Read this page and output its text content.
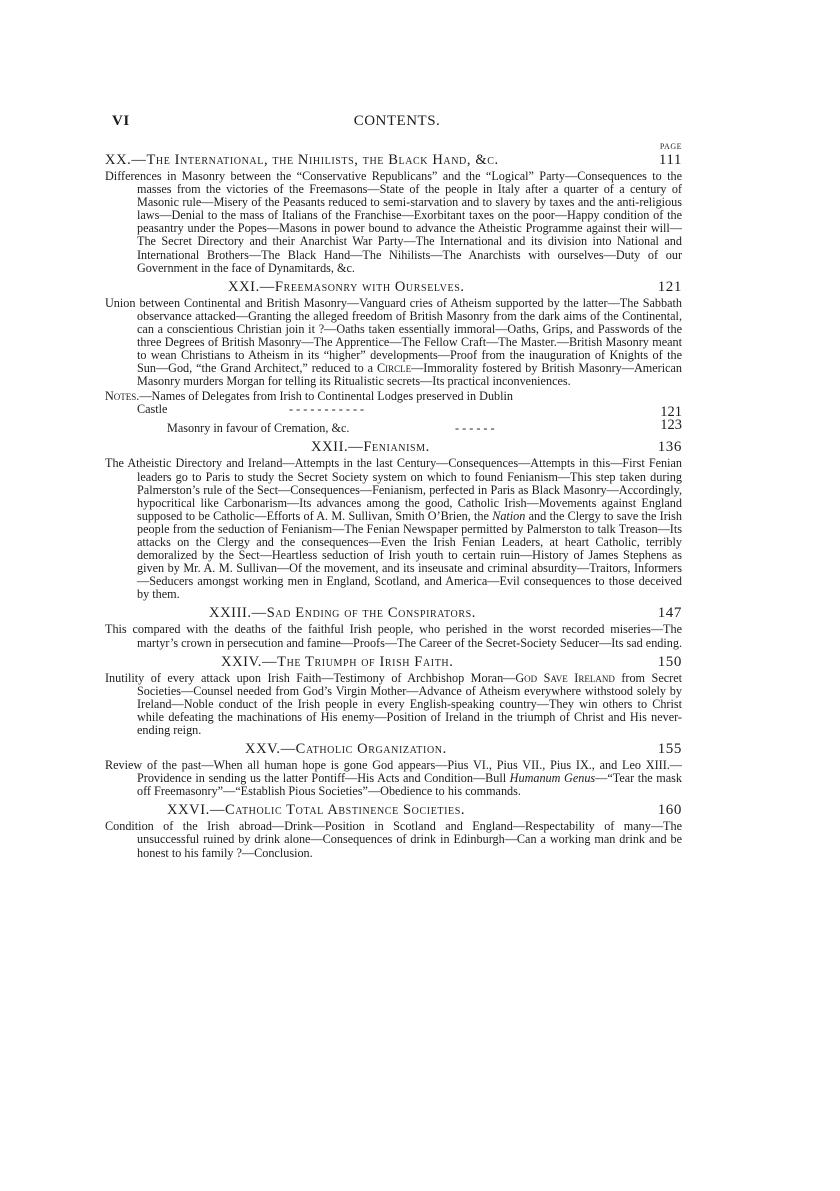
VI	CONTENTS.
PAGE
XX.—The International, the Nihilists, the Black Hand, &c.	111

Differences in Masonry between the “Conservative Republicans” and the “Logical” Party—Consequences to the masses from the victories of the Freemasons—State of the people in Italy after a quarter of a century of Masonic rule—Misery of the Peasants reduced to semi-starvation and to slavery by taxes and the anti-religious laws—Denial to the mass of Italians of the Franchise—Exorbitant taxes on the poor—Happy condition of the peasantry under the Popes—Masons in power bound to advance the Atheistic Programme against their will—The Secret Directory and their Anarchist War Party—The International and its division into National and International Brothers—The Black Hand—The Nihilists—The Anarchists with ourselves—Duty of our Government in the face of Dynamitards, &c.

XXI.—Freemasonry with Ourselves.	121

Union between Continental and British Masonry—Vanguard cries of Atheism supported by the latter—The Sabbath observance attacked—Granting the alleged freedom of British Masonry from the dark aims of the Continental, can a conscientious Christian join it ?—Oaths taken essentially immoral—Oaths, Grips, and Passwords of the three Degrees of British Masonry—The Apprentice—The Fellow Craft—The Master.—British Masonry meant to wean Christians to Atheism in its “higher” developments—Proof from the inauguration of Knights of the Sun—God, “the Grand Architect,” reduced to a Circle—Immorality fostered by British Masonry—American Masonry murders Morgan for telling its Ritualistic secrets—Its practical inconveniences.

Notes.—Names of Delegates from Irish to Continental Lodges preserved in Dublin
Castle	- - - - - - - - - - -	121
Masonry in favour of Cremation, &c.	- - - - - -	123
XXII.—Fenianism.	136

The Atheistic Directory and Ireland—Attempts in the last Century—Consequences—Attempts in this—First Fenian leaders go to Paris to study the Secret Society system on which to found Fenianism—This step taken during Palmerston’s rule of the Sect—Consequences—Fenianism, perfected in Paris as Black Masonry—Accordingly, hypocritical like Carbonarism—Its advances among the good, Catholic Irish—Movements against England supposed to be Catholic—Efforts of A. M. Sullivan, Smith O’Brien, the Nation and the Clergy to save the Irish people from the seduction of Fenianism—The Fenian Newspaper permitted by Palmerston to talk Treason—Its attacks on the Clergy and the consequences—Even the Irish Fenian Leaders, at heart Catholic, terribly demoralized by the Sect—Heartless seduction of Irish youth to certain ruin—History of James Stephens as given by Mr. A. M. Sullivan—Of the movement, and its inseusate and criminal absurdity—Traitors, Informers—Seducers amongst working men in England, Scotland, and America—Evil consequences to those deceived by them.

XXIII.—Sad Ending of the Conspirators.	147

This compared with the deaths of the faithful Irish people, who perished in the worst recorded miseries—The martyr’s crown in persecution and famine—Proofs—The Career of the Secret-Society Seducer—Its sad ending.

XXIV.—The Triumph of Irish Faith.	150

Inutility of every attack upon Irish Faith—Testimony of Archbishop Moran—God Save Ireland from Secret Societies—Counsel needed from God’s Virgin Mother—Advance of Atheism everywhere withstood solely by Ireland—Noble conduct of the Irish people in every English-speaking country—They win others to Christ while defeating the machinations of His enemy—Position of Ireland in the triumph of Christ and His never-ending reign.

XXV.—Catholic Organization.	155

Review of the past—When all human hope is gone God appears—Pius VI., Pius VII., Pius IX., and Leo XIII.—Providence in sending us the latter Pontiff—His Acts and Condition—Bull Humanum Genus—“Tear the mask off Freemasonry”—“Establish Pious Societies”—Obedience to his commands.

XXVI.—Catholic Total Abstinence Societies.	160

Condition of the Irish abroad—Drink—Position in Scotland and England—Respectability of many—The unsuccessful ruined by drink alone—Consequences of drink in Edinburgh—Can a working man drink and be honest to his family ?—Conclusion.
